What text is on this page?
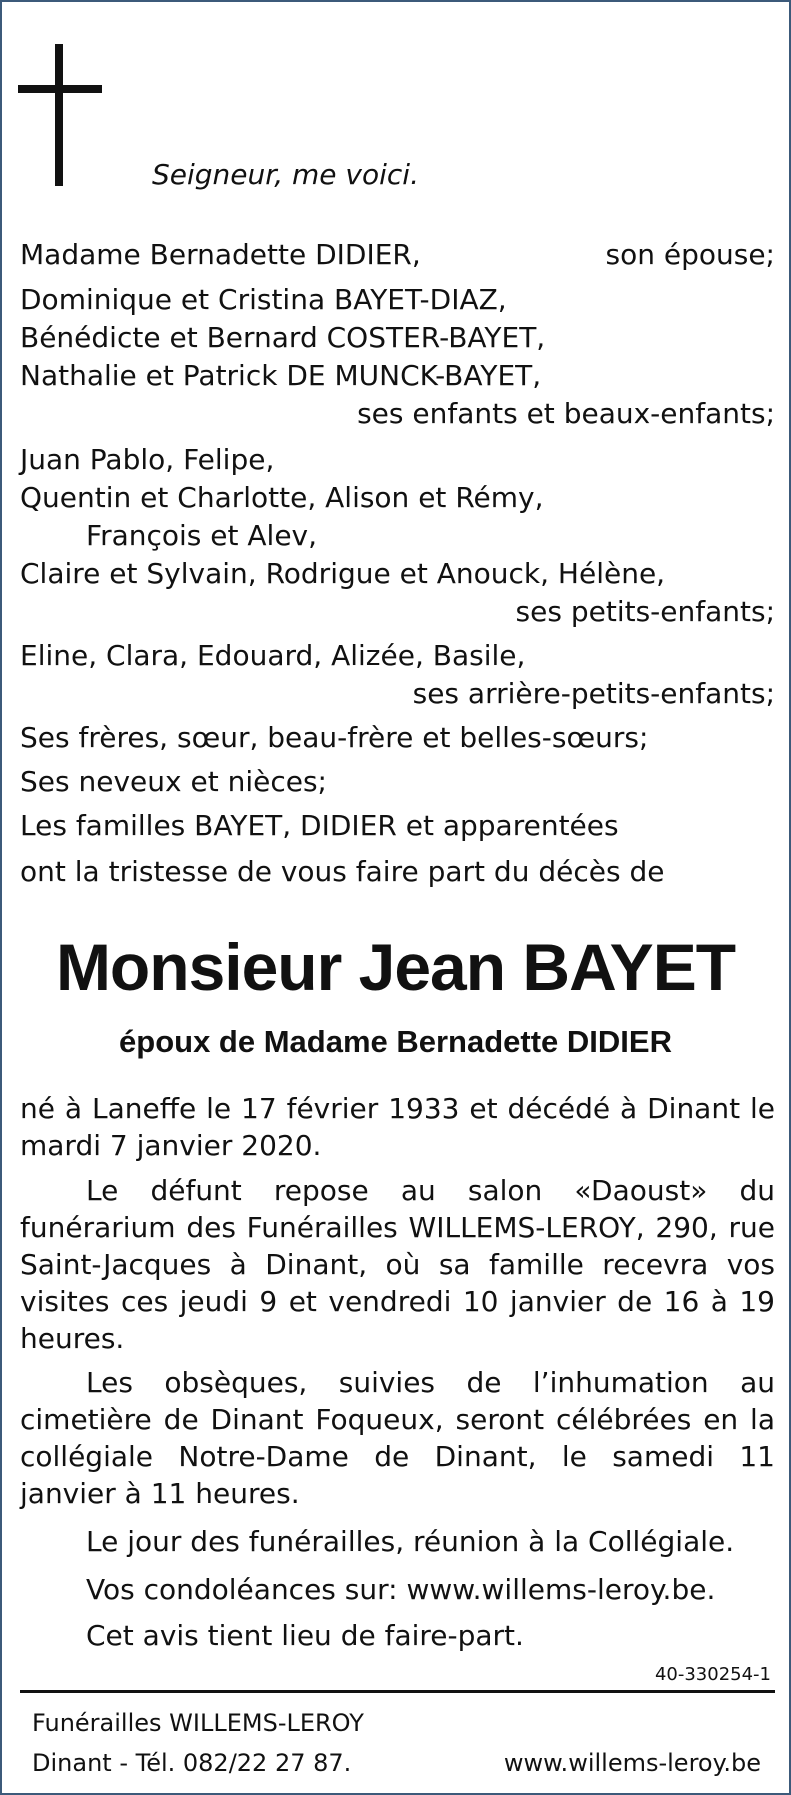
Seigneur, me voici.
Madame Bernadette DIDIER,	son épouse;
Dominique et Cristina BAYET-DIAZ,
Bénédicte et Bernard COSTER-BAYET,
Nathalie et Patrick DE MUNCK-BAYET,
ses enfants et beaux-enfants;
Juan Pablo, Felipe,
Quentin et Charlotte, Alison et Rémy,
François et Alev,
Claire et Sylvain, Rodrigue et Anouck, Hélène,
ses petits-enfants;
Eline, Clara, Edouard, Alizée, Basile,
ses arrière-petits-enfants;
Ses frères, sœur, beau-frère et belles-sœurs;
Ses neveux et nièces;
Les familles BAYET, DIDIER et apparentées
ont la tristesse de vous faire part du décès de
Monsieur Jean BAYET
époux de Madame Bernadette DIDIER

né à Laneffe le 17 février 1933 et décédé à Dinant le mardi 7 janvier 2020.

Le défunt repose au salon «Daoust» du funérarium des Funérailles WILLEMS-LEROY, 290, rue Saint-Jacques à Dinant, où sa famille recevra vos visites ces jeudi 9 et vendredi 10 janvier de 16 à 19 heures.

Les obsèques, suivies de l’inhumation au cimetière de Dinant Foqueux, seront célébrées en la collégiale Notre-Dame de Dinant, le samedi 11 janvier à 11 heures.

Le jour des funérailles, réunion à la Collégiale.
Vos condoléances sur: www.willems-leroy.be.
Cet avis tient lieu de faire-part.
40-330254-1
Funérailles WILLEMS-LEROY
Dinant - Tél. 082/22 27 87.	www.willems-leroy.be
